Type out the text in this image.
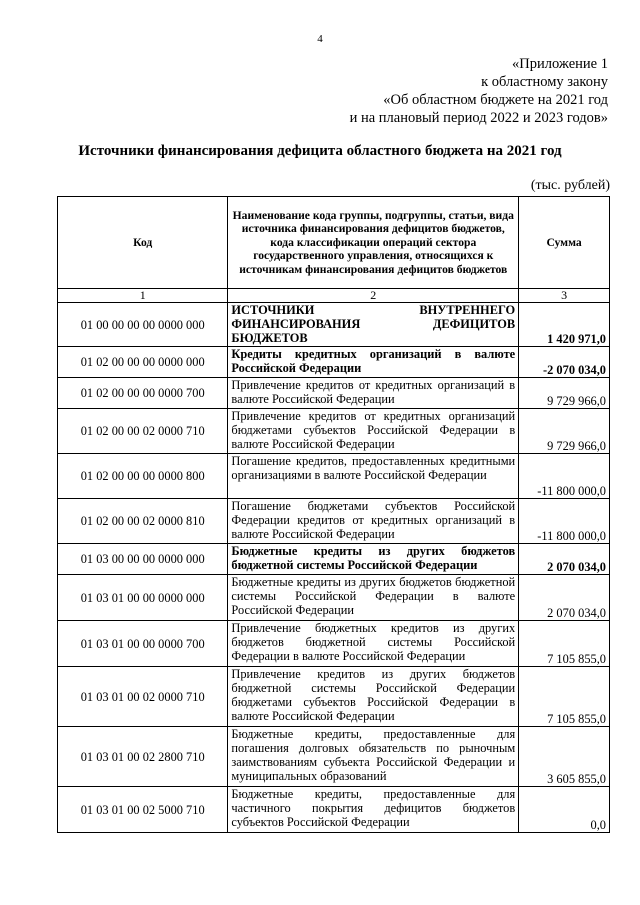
4
«Приложение 1
к областному закону
«Об областном бюджете на 2021 год
и на плановый период 2022 и 2023 годов»
Источники финансирования дефицита областного бюджета на 2021 год
(тыс. рублей)
Код	Наименование кода группы, подгруппы, статьи, вида источника финансирования дефицитов бюджетов, кода классификации операций сектора государственного управления, относящихся к источникам финансирования дефицитов бюджетов	Сумма
1	2	3
01 00 00 00 00 0000 000	ИСТОЧНИКИ ВНУТРЕННЕГО ФИНАНСИРОВАНИЯ ДЕФИЦИТОВ БЮДЖЕТОВ	1 420 971,0
01 02 00 00 00 0000 000	Кредиты кредитных организаций в валюте Российской Федерации	-2 070 034,0
01 02 00 00 00 0000 700	Привлечение кредитов от кредитных организаций в валюте Российской Федерации	9 729 966,0
01 02 00 00 02 0000 710	Привлечение кредитов от кредитных организаций бюджетами субъектов Российской Федерации в валюте Российской Федерации	9 729 966,0
01 02 00 00 00 0000 800	Погашение кредитов, предоставленных кредитными организациями в валюте Российской Федерации	-11 800 000,0
01 02 00 00 02 0000 810	Погашение бюджетами субъектов Российской Федерации кредитов от кредитных организаций в валюте Российской Федерации	-11 800 000,0
01 03 00 00 00 0000 000	Бюджетные кредиты из других бюджетов бюджетной системы Российской Федерации	2 070 034,0
01 03 01 00 00 0000 000	Бюджетные кредиты из других бюджетов бюджетной системы Российской Федерации в валюте Российской Федерации	2 070 034,0
01 03 01 00 00 0000 700	Привлечение бюджетных кредитов из других бюджетов бюджетной системы Российской Федерации в валюте Российской Федерации	7 105 855,0
01 03 01 00 02 0000 710	Привлечение кредитов из других бюджетов бюджетной системы Российской Федерации бюджетами субъектов Российской Федерации в валюте Российской Федерации	7 105 855,0
01 03 01 00 02 2800 710	Бюджетные кредиты, предоставленные для погашения долговых обязательств по рыночным заимствованиям субъекта Российской Федерации и муниципальных образований	3 605 855,0
01 03 01 00 02 5000 710	Бюджетные кредиты, предоставленные для частичного покрытия дефицитов бюджетов субъектов Российской Федерации	0,0
